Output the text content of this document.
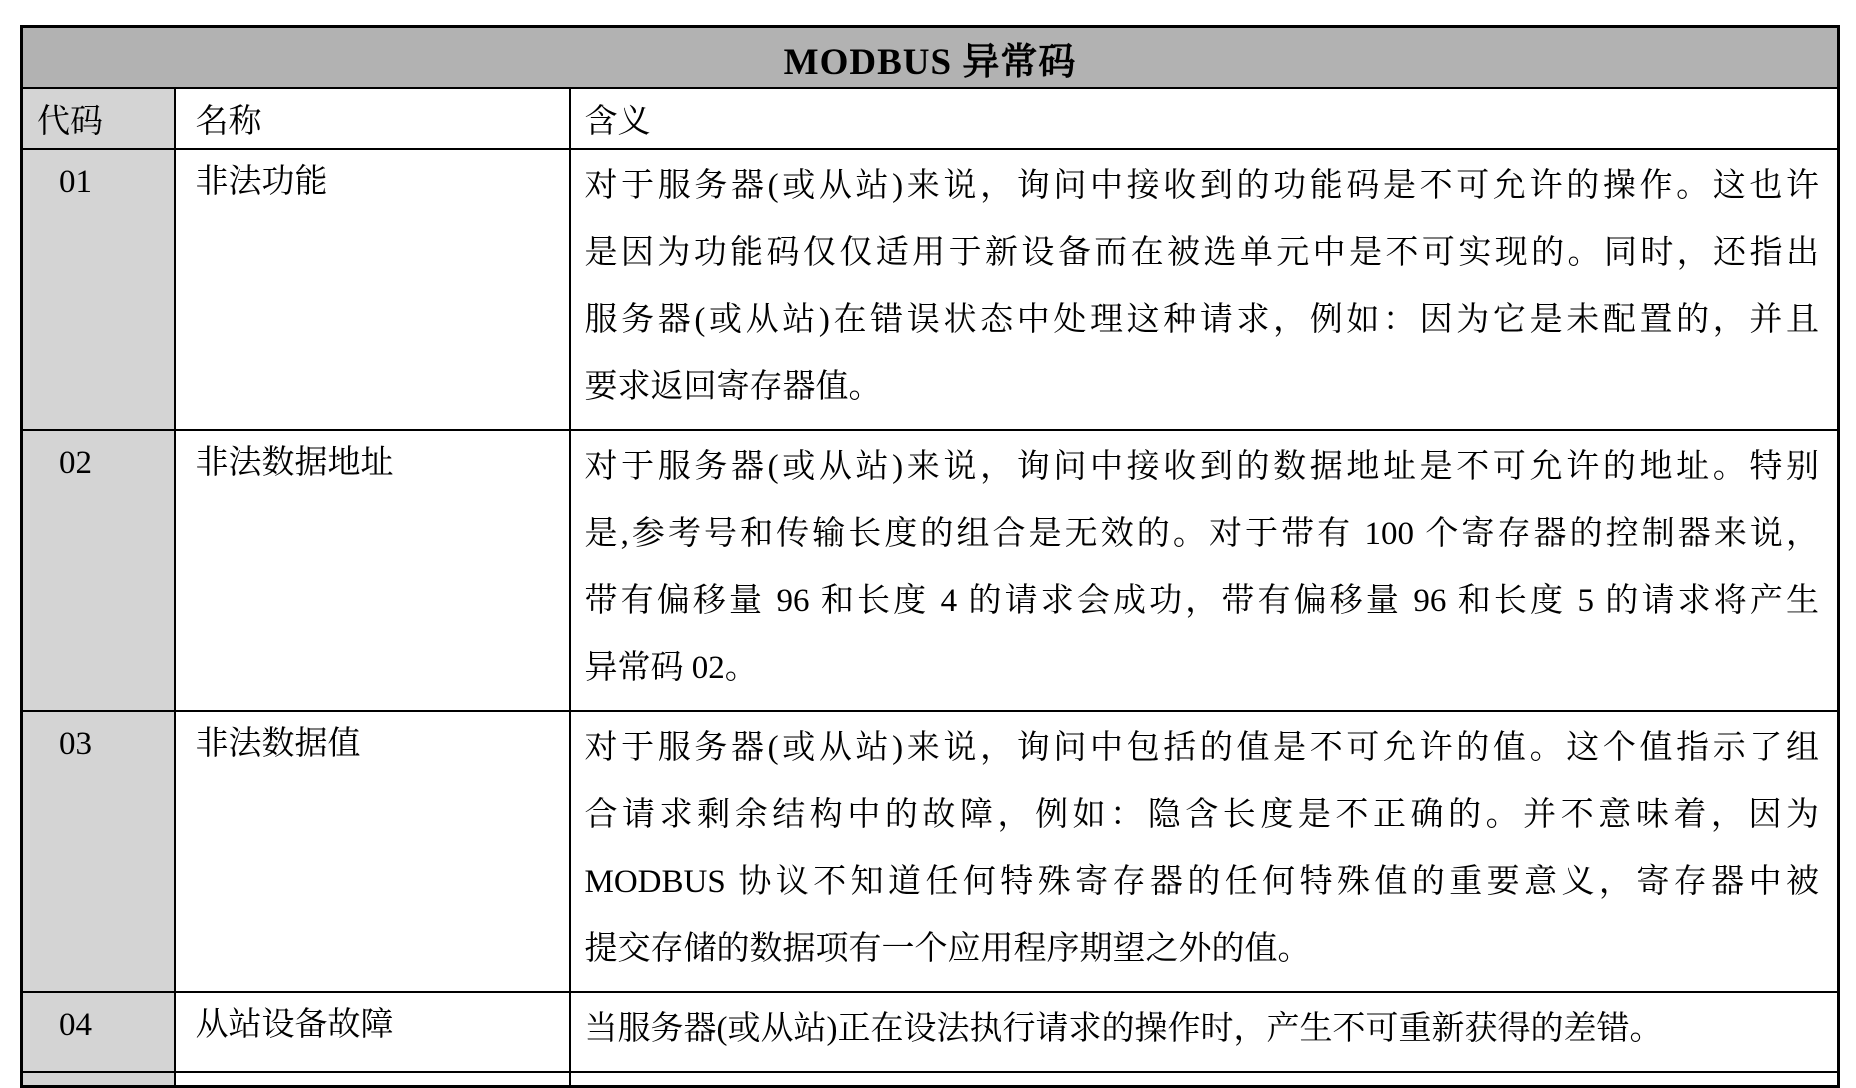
MODBUS 异常码		
代码	名称	含义
01	非法功能	对于服务器(或从站)来说，询问中接收到的功能码是不可允许的操作。这也许
是因为功能码仅仅适用于新设备而在被选单元中是不可实现的。同时，还指出
服务器(或从站)在错误状态中处理这种请求，例如：因为它是未配置的，并且
要求返回寄存器值。

02	非法数据地址	对于服务器(或从站)来说，询问中接收到的数据地址是不可允许的地址。特别
是,参考号和传输长度的组合是无效的。对于带有 100 个寄存器的控制器来说，
带有偏移量 96 和长度 4 的请求会成功，带有偏移量 96 和长度 5 的请求将产生
异常码 02。

03	非法数据值	对于服务器(或从站)来说，询问中包括的值是不可允许的值。这个值指示了组
合请求剩余结构中的故障，例如：隐含长度是不正确的。并不意味着，因为
MODBUS 协议不知道任何特殊寄存器的任何特殊值的重要意义，寄存器中被
提交存储的数据项有一个应用程序期望之外的值。

04	从站设备故障	当服务器(或从站)正在设法执行请求的操作时，产生不可重新获得的差错。
